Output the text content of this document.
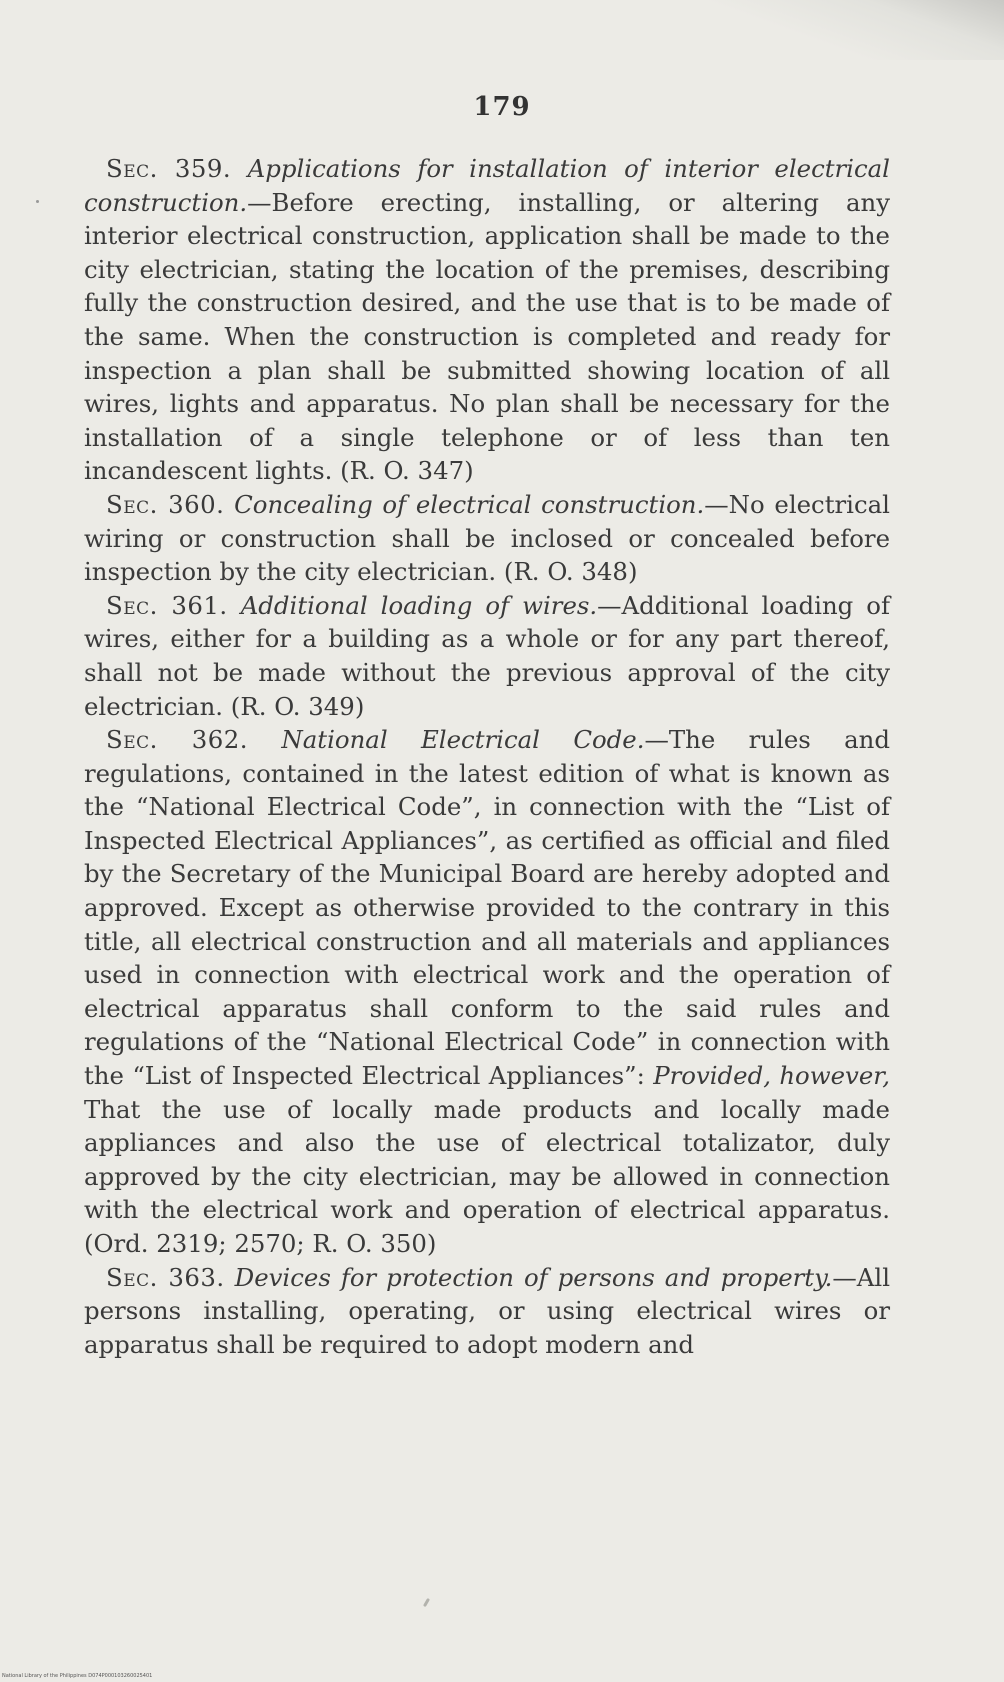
179

Sec. 359. Applications for installation of interior electrical construction.—Before erecting, installing, or altering any interior electrical construction, application shall be made to the city electrician, stating the location of the premises, describing fully the construction desired, and the use that is to be made of the same. When the construction is completed and ready for inspection a plan shall be submitted showing location of all wires, lights and apparatus. No plan shall be necessary for the installation of a single telephone or of less than ten incandescent lights. (R. O. 347)

Sec. 360. Concealing of electrical construction.—No electrical wiring or construction shall be inclosed or concealed before inspection by the city electrician. (R. O. 348)

Sec. 361. Additional loading of wires.—Additional loading of wires, either for a building as a whole or for any part thereof, shall not be made without the previous approval of the city electrician. (R. O. 349)

Sec. 362. National Electrical Code.—The rules and regulations, contained in the latest edition of what is known as the “National Electrical Code”, in connection with the “List of Inspected Electrical Appliances”, as certified as official and filed by the Secretary of the Municipal Board are hereby adopted and approved. Except as otherwise provided to the contrary in this title, all electrical construction and all materials and appliances used in connection with electrical work and the operation of electrical apparatus shall conform to the said rules and regulations of the “National Electrical Code” in connection with the “List of Inspected Electrical Appliances”: Provided, however, That the use of locally made products and locally made appliances and also the use of electrical totalizator, duly approved by the city electrician, may be allowed in connection with the electrical work and operation of electrical apparatus. (Ord. 2319; 2570; R. O. 350)

Sec. 363. Devices for protection of persons and property.—All persons installing, operating, or using electrical wires or apparatus shall be required to adopt modern and

National Library of the Philippines D074P000103260025401
